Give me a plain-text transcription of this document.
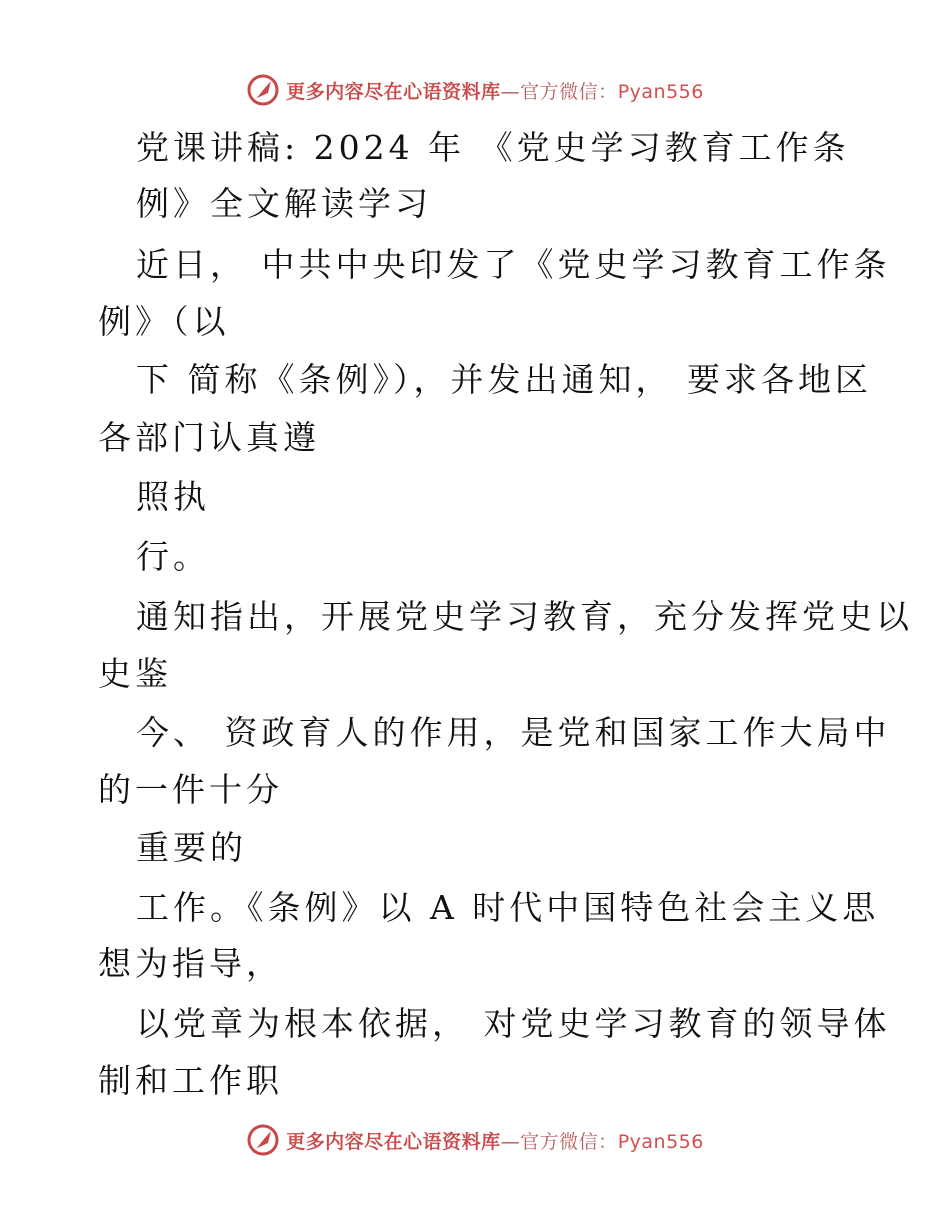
更多内容尽在心语资料库—官方微信：Pyan556
党课讲稿: 2024 年 《党史学习教育工作条
例》全文解读学习
近日， 中共中央印发了《党史学习教育工作条
例》（以
下 简称《条例》），并发出通知， 要求各地区
各部门认真遵
照执
行。
通知指出，开展党史学习教育，充分发挥党史以
史鉴
今、 资政育人的作用，是党和国家工作大局中
的一件十分
重要的
工作。《条例》以 A 时代中国特色社会主义思
想为指导，
以党章为根本依据， 对党史学习教育的领导体
制和工作职
更多内容尽在心语资料库—官方微信：Pyan556
